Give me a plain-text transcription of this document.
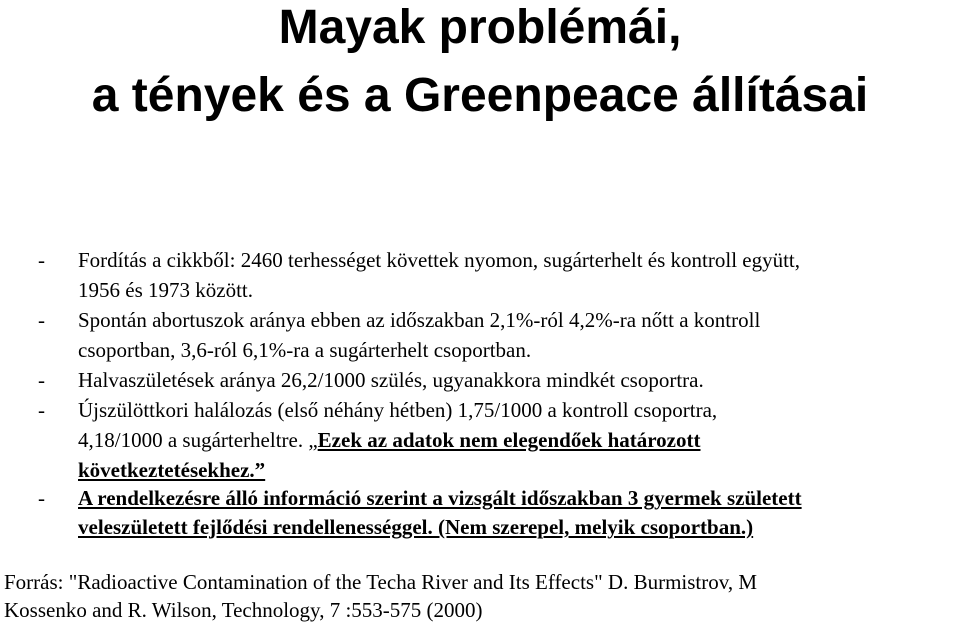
Mayak problémái,
a tények és a Greenpeace állításai
- Fordítás a cikkből: 2460 terhességet követtek nyomon, sugárterhelt és kontroll együtt,
1956 és 1973 között.
- Spontán abortuszok aránya ebben az időszakban 2,1%-ról 4,2%-ra nőtt a kontroll
csoportban, 3,6-ról 6,1%-ra a sugárterhelt csoportban.
- Halvaszületések aránya 26,2/1000 szülés, ugyanakkora mindkét csoportra.
- Újszülöttkori halálozás (első néhány hétben) 1,75/1000 a kontroll csoportra,
4,18/1000 a sugárterheltre. „Ezek az adatok nem elegendőek határozott
következtetésekhez.”
- A rendelkezésre álló információ szerint a vizsgált időszakban 3 gyermek született
veleszületett fejlődési rendellenességgel. (Nem szerepel, melyik csoportban.)
Forrás: "Radioactive Contamination of the Techa River and Its Effects" D. Burmistrov, M
Kossenko and R. Wilson, Technology, 7 :553-575 (2000)
